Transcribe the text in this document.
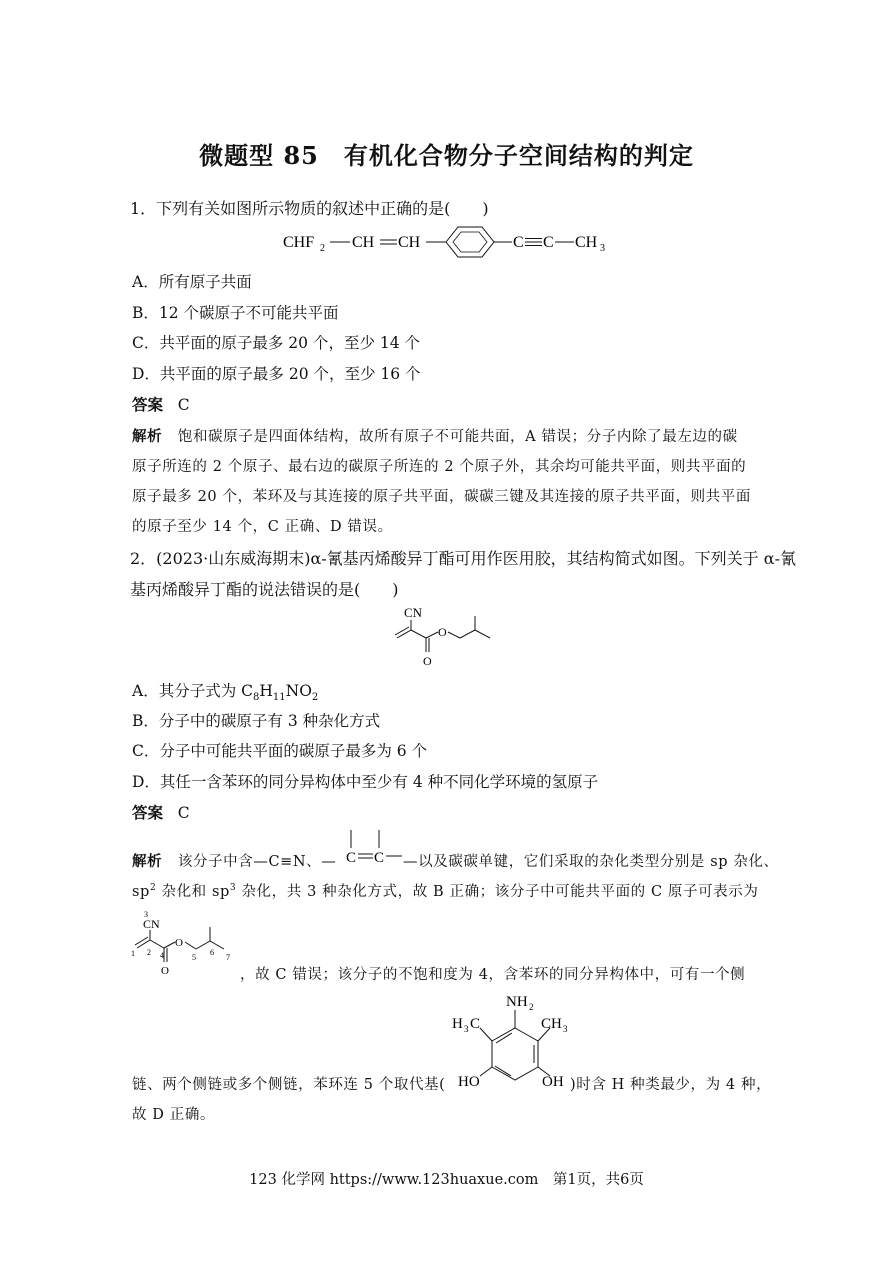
微题型 85　有机化合物分子空间结构的判定
1．下列有关如图所示物质的叙述中正确的是(　　)
CHF 2 CH CH	C C CH 3
A．所有原子共面
B．12 个碳原子不可能共平面
C．共平面的原子最多 20 个，至少 14 个
D．共平面的原子最多 20 个，至少 16 个
答案 C
解析 饱和碳原子是四面体结构，故所有原子不可能共面，A 错误；分子内除了最左边的碳
原子所连的 2 个原子、最右边的碳原子所连的 2 个原子外，其余均可能共平面，则共平面的
原子最多 20 个，苯环及与其连接的原子共平面，碳碳三键及其连接的原子共平面，则共平面
的原子至少 14 个，C 正确、D 错误。
2．(2023·山东威海期末)α-氰基丙烯酸异丁酯可用作医用胶，其结构简式如图。下列关于 α-氰
基丙烯酸异丁酯的说法错误的是(　　)
CN
O
O
A．其分子式为 $C_8H_{11}NO_2$
B．分子中的碳原子有 3 种杂化方式
C．分子中可能共平面的碳原子最多为 6 个
D．其任一含苯环的同分异构体中至少有 4 种不同化学环境的氢原子
答案 C
解析 该分子中含—C≡N、— C C —以及碳碳单键，它们采取的杂化类型分别是 sp 杂化、
$sp^2$ 杂化和 $sp^3$ 杂化，共 3 种杂化方式，故 B 正确；该分子中可能共平面的 C 原子可表示为
3
CN
1 2 4
O
O
5
6
7
，故 C 错误；该分子的不饱和度为 4，含苯环的同分异构体中，可有一个侧
NH 2
H 3 C	CH 3
HO	OH
链、两个侧链或多个侧链，苯环连 5 个取代基(	)时含 H 种类最少，为 4 种，
故 D 正确。
123 化学网 https://www.123huaxue.com　第1页，共6页
